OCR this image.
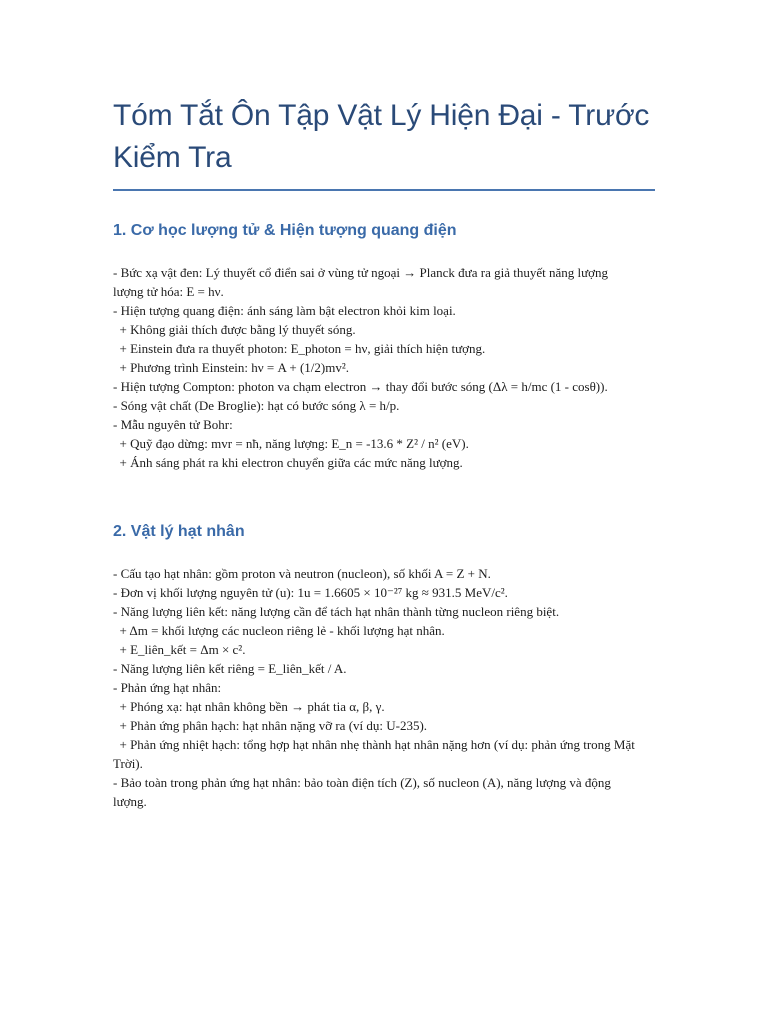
Tóm Tắt Ôn Tập Vật Lý Hiện Đại - Trước Kiểm Tra
1. Cơ học lượng tử & Hiện tượng quang điện
- Bức xạ vật đen: Lý thuyết cổ điển sai ở vùng tử ngoại → Planck đưa ra giả thuyết năng lượng lượng tử hóa: E = hν.
- Hiện tượng quang điện: ánh sáng làm bật electron khỏi kim loại.
+ Không giải thích được bằng lý thuyết sóng.
+ Einstein đưa ra thuyết photon: E_photon = hν, giải thích hiện tượng.
+ Phương trình Einstein: hν = A + (1/2)mv².
- Hiện tượng Compton: photon va chạm electron → thay đổi bước sóng (Δλ = h/mc (1 - cosθ)).
- Sóng vật chất (De Broglie): hạt có bước sóng λ = h/p.
- Mẫu nguyên tử Bohr:
+ Quỹ đạo dừng: mvr = nħ, năng lượng: E_n = -13.6 * Z² / n² (eV).
+ Ánh sáng phát ra khi electron chuyển giữa các mức năng lượng.
2. Vật lý hạt nhân
- Cấu tạo hạt nhân: gồm proton và neutron (nucleon), số khối A = Z + N.
- Đơn vị khối lượng nguyên tử (u): 1u = 1.6605 × 10⁻²⁷ kg ≈ 931.5 MeV/c².
- Năng lượng liên kết: năng lượng cần để tách hạt nhân thành từng nucleon riêng biệt.
+ Δm = khối lượng các nucleon riêng lẻ - khối lượng hạt nhân.
+ E_liên_kết = Δm × c².
- Năng lượng liên kết riêng = E_liên_kết / A.
- Phản ứng hạt nhân:
+ Phóng xạ: hạt nhân không bền → phát tia α, β, γ.
+ Phản ứng phân hạch: hạt nhân nặng vỡ ra (ví dụ: U-235).
+ Phản ứng nhiệt hạch: tổng hợp hạt nhân nhẹ thành hạt nhân nặng hơn (ví dụ: phản ứng trong Mặt Trời).
- Bảo toàn trong phản ứng hạt nhân: bảo toàn điện tích (Z), số nucleon (A), năng lượng và động lượng.
